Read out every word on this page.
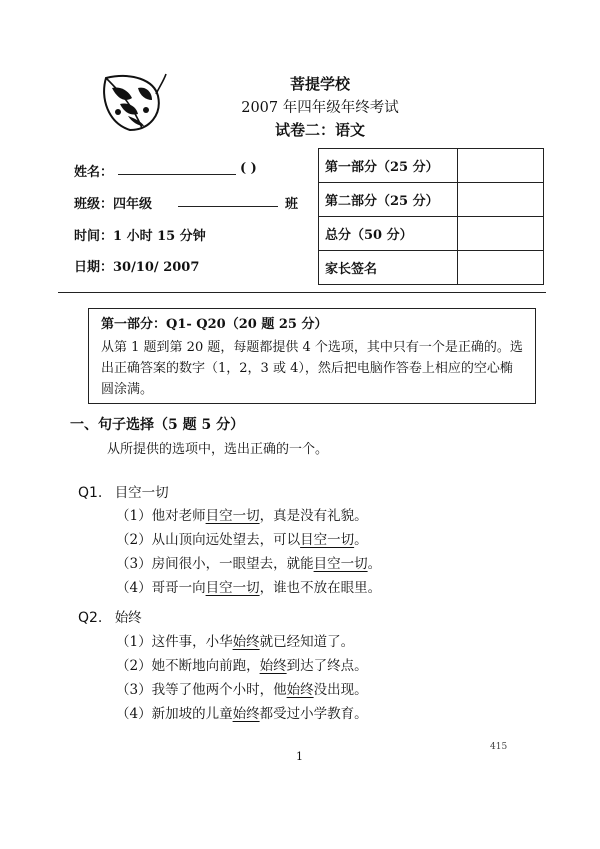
菩提学校
2007 年四年级年终考试
试卷二：语文
姓名：	( )
班级：四年级	班
时间：1 小时 15 分钟
日期：30/10/ 2007
第一部分（25 分）	
第二部分（25 分）	
总分（50 分）	
家长签名	
第一部分：Q1- Q20（20 题 25 分）
从第 1 题到第 20 题，每题都提供 4 个选项，其中只有一个是正确的。选出正确答案的数字（1，2，3 或 4），然后把电脑作答卷上相应的空心椭圆涂满。
一、句子选择（5 题 5 分）
从所提供的选项中，选出正确的一个。
Q1. 目空一切
（1）他对老师目空一切，真是没有礼貌。
（2）从山顶向远处望去，可以目空一切。
（3）房间很小，一眼望去，就能目空一切。
（4）哥哥一向目空一切，谁也不放在眼里。
Q2. 始终
（1）这件事，小华始终就已经知道了。
（2）她不断地向前跑，始终到达了终点。
（3）我等了他两个小时，他始终没出现。
（4）新加坡的儿童始终都受过小学教育。
1
415
